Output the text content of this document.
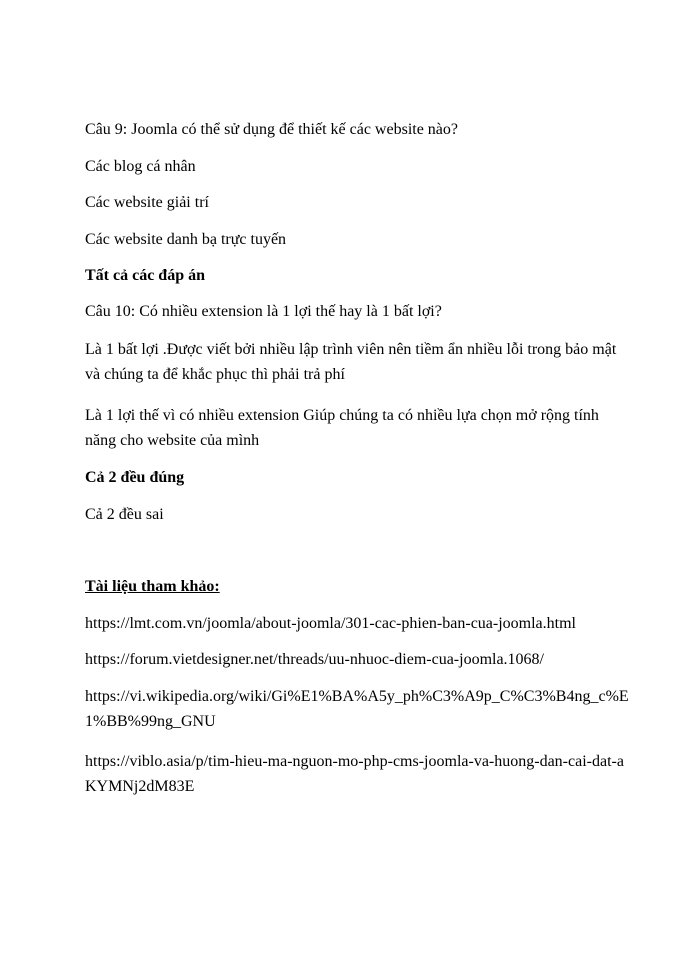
Câu 9: Joomla có thể sử dụng để thiết kế các website nào?
Các blog cá nhân
Các website giải trí
Các website danh bạ trực tuyến
Tất cả các đáp án
Câu 10: Có nhiều extension là 1 lợi thế hay là 1 bất lợi?
Là 1 bất lợi .Được viết bởi nhiều lập trình viên nên tiềm ẩn nhiều lỗi trong bảo mật và chúng ta để khắc phục thì phải trả phí
Là 1 lợi thế vì có nhiều extension Giúp chúng ta có nhiều lựa chọn mở rộng tính năng cho website của mình
Cả 2 đều đúng
Cả 2 đều sai
Tài liệu tham khảo:
https://lmt.com.vn/joomla/about-joomla/301-cac-phien-ban-cua-joomla.html
https://forum.vietdesigner.net/threads/uu-nhuoc-diem-cua-joomla.1068/
https://vi.wikipedia.org/wiki/Gi%E1%BA%A5y_ph%C3%A9p_C%C3%B4ng_c%E1%BB%99ng_GNU
https://viblo.asia/p/tim-hieu-ma-nguon-mo-php-cms-joomla-va-huong-dan-cai-dat-aKYMNj2dM83E
